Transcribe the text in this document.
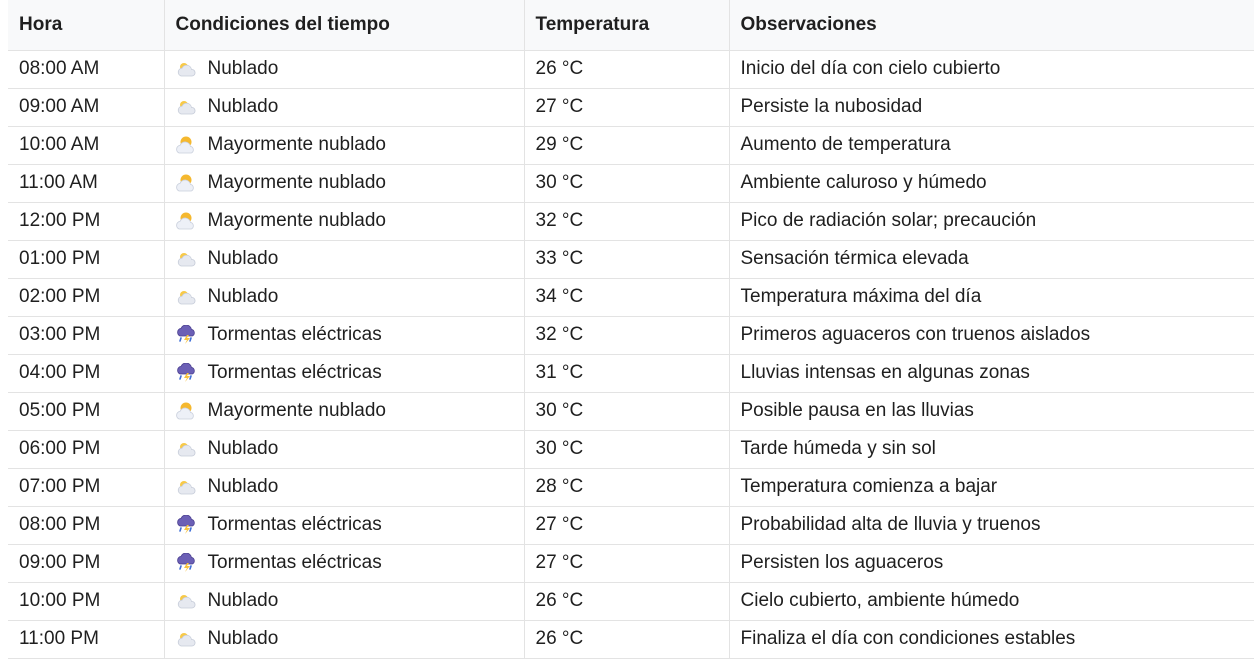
Hora	Condiciones del tiempo	Temperatura	Observaciones
08:00 AM	Nublado	26 °C	Inicio del día con cielo cubierto
09:00 AM	Nublado	27 °C	Persiste la nubosidad
10:00 AM	Mayormente nublado	29 °C	Aumento de temperatura
11:00 AM	Mayormente nublado	30 °C	Ambiente caluroso y húmedo
12:00 PM	Mayormente nublado	32 °C	Pico de radiación solar; precaución
01:00 PM	Nublado	33 °C	Sensación térmica elevada
02:00 PM	Nublado	34 °C	Temperatura máxima del día
03:00 PM	Tormentas eléctricas	32 °C	Primeros aguaceros con truenos aislados
04:00 PM	Tormentas eléctricas	31 °C	Lluvias intensas en algunas zonas
05:00 PM	Mayormente nublado	30 °C	Posible pausa en las lluvias
06:00 PM	Nublado	30 °C	Tarde húmeda y sin sol
07:00 PM	Nublado	28 °C	Temperatura comienza a bajar
08:00 PM	Tormentas eléctricas	27 °C	Probabilidad alta de lluvia y truenos
09:00 PM	Tormentas eléctricas	27 °C	Persisten los aguaceros
10:00 PM	Nublado	26 °C	Cielo cubierto, ambiente húmedo
11:00 PM	Nublado	26 °C	Finaliza el día con condiciones estables
